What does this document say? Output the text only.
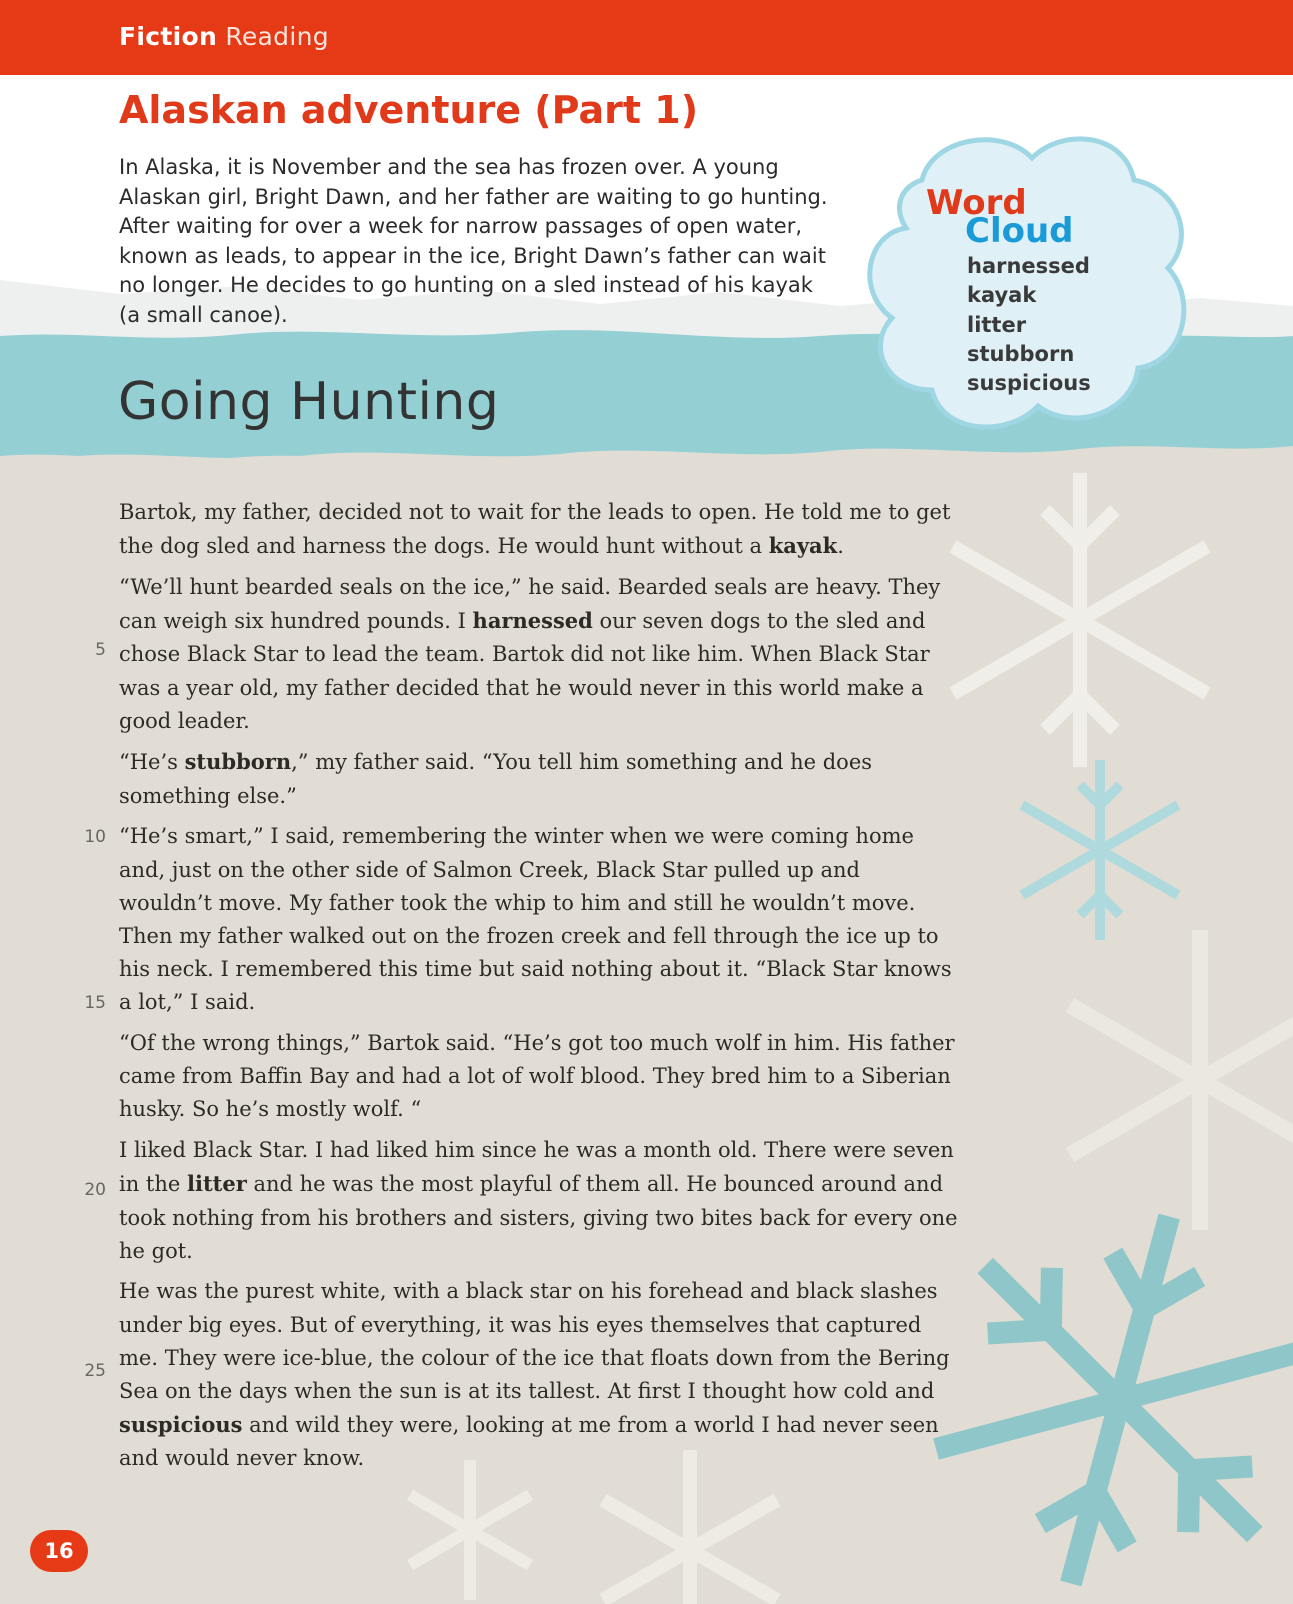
Fiction Reading
Alaskan adventure (Part 1)

In Alaska, it is November and the sea has frozen over. A young Alaskan girl, Bright Dawn, and her father are waiting to go hunting. After waiting for over a week for narrow passages of open water, known as leads, to appear in the ice, Bright Dawn’s father can wait no longer. He decides to go hunting on a sled instead of his kayak (a small canoe).

Going Hunting
Word
Cloud
harnessed
kayak
litter
stubborn
suspicious

Bartok, my father, decided not to wait for the leads to open. He told me to get the dog sled and harness the dogs. He would hunt without a kayak.

“We’ll hunt bearded seals on the ice,” he said. Bearded seals are heavy. They can weigh six hundred pounds. I harnessed our seven dogs to the sled and chose Black Star to lead the team. Bartok did not like him. When Black Star was a year old, my father decided that he would never in this world make a good leader.

“He’s stubborn,” my father said. “You tell him something and he does something else.”

“He’s smart,” I said, remembering the winter when we were coming home and, just on the other side of Salmon Creek, Black Star pulled up and wouldn’t move. My father took the whip to him and still he wouldn’t move. Then my father walked out on the frozen creek and fell through the ice up to his neck. I remembered this time but said nothing about it. “Black Star knows a lot,” I said.

“Of the wrong things,” Bartok said. “He’s got too much wolf in him. His father came from Baffin Bay and had a lot of wolf blood. They bred him to a Siberian husky. So he’s mostly wolf. “

I liked Black Star. I had liked him since he was a month old. There were seven in the litter and he was the most playful of them all. He bounced around and took nothing from his brothers and sisters, giving two bites back for every one he got.

He was the purest white, with a black star on his forehead and black slashes under big eyes. But of everything, it was his eyes themselves that captured me. They were ice-blue, the colour of the ice that floats down from the Bering Sea on the days when the sun is at its tallest. At first I thought how cold and suspicious and wild they were, looking at me from a world I had never seen and would never know.

5
10
15
20
25
16
